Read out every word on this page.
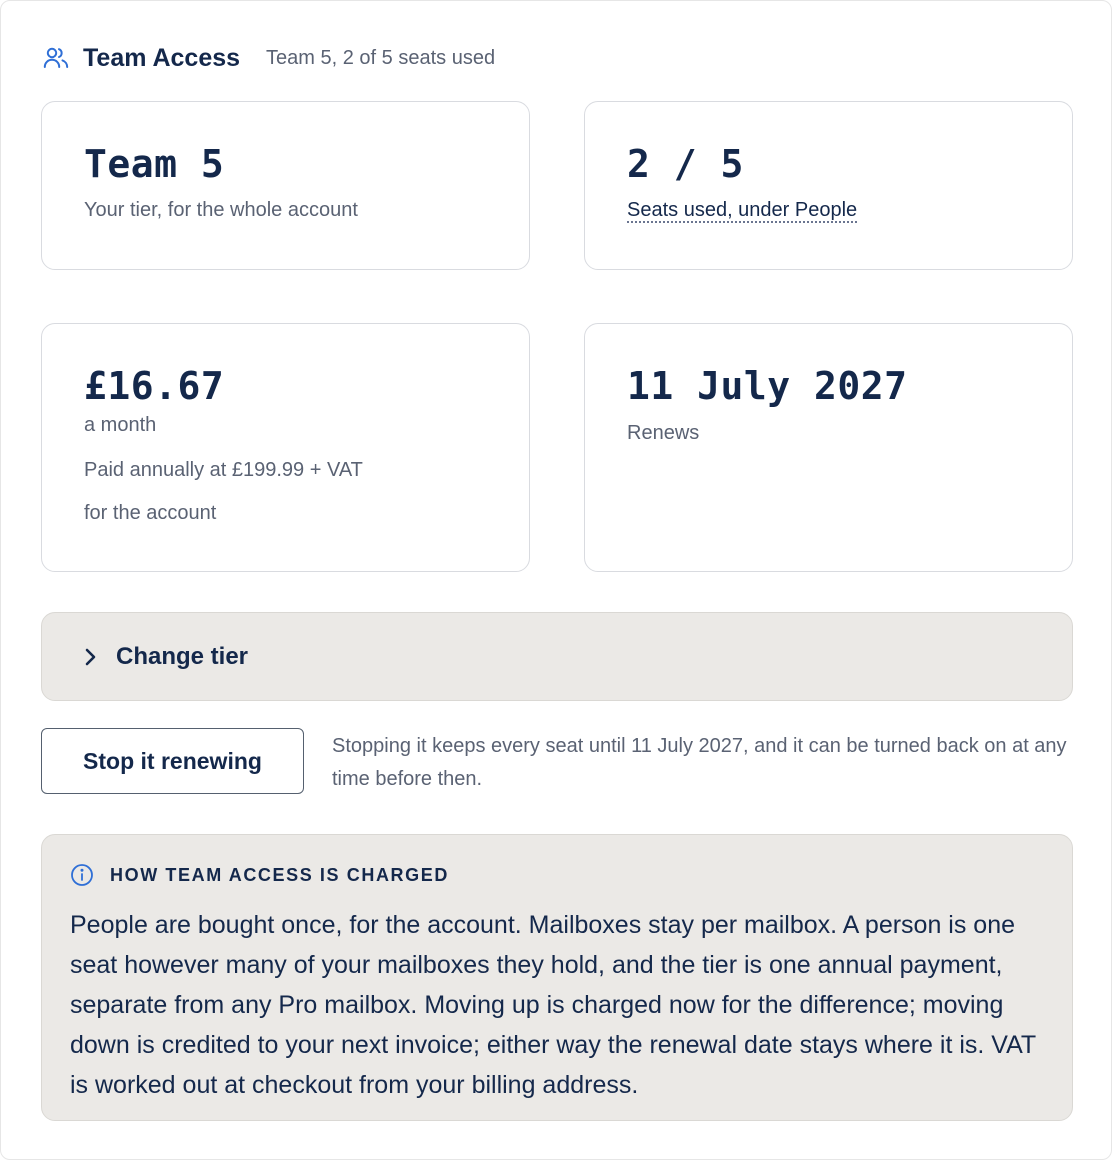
Team Access Team 5, 2 of 5 seats used
Team 5
Your tier, for the whole account
2 / 5
Seats used, under People
£16.67
a month
Paid annually at £199.99 + VAT
for the account
11 July 2027
Renews
Change tier
Stop it renewing
Stopping it keeps every seat until 11 July 2027, and it can be turned back on at any time before then.
HOW TEAM ACCESS IS CHARGED
People are bought once, for the account. Mailboxes stay per mailbox. A person is one seat however many of your mailboxes they hold, and the tier is one annual payment, separate from any Pro mailbox. Moving up is charged now for the difference; moving down is credited to your next invoice; either way the renewal date stays where it is. VAT is worked out at checkout from your billing address.
